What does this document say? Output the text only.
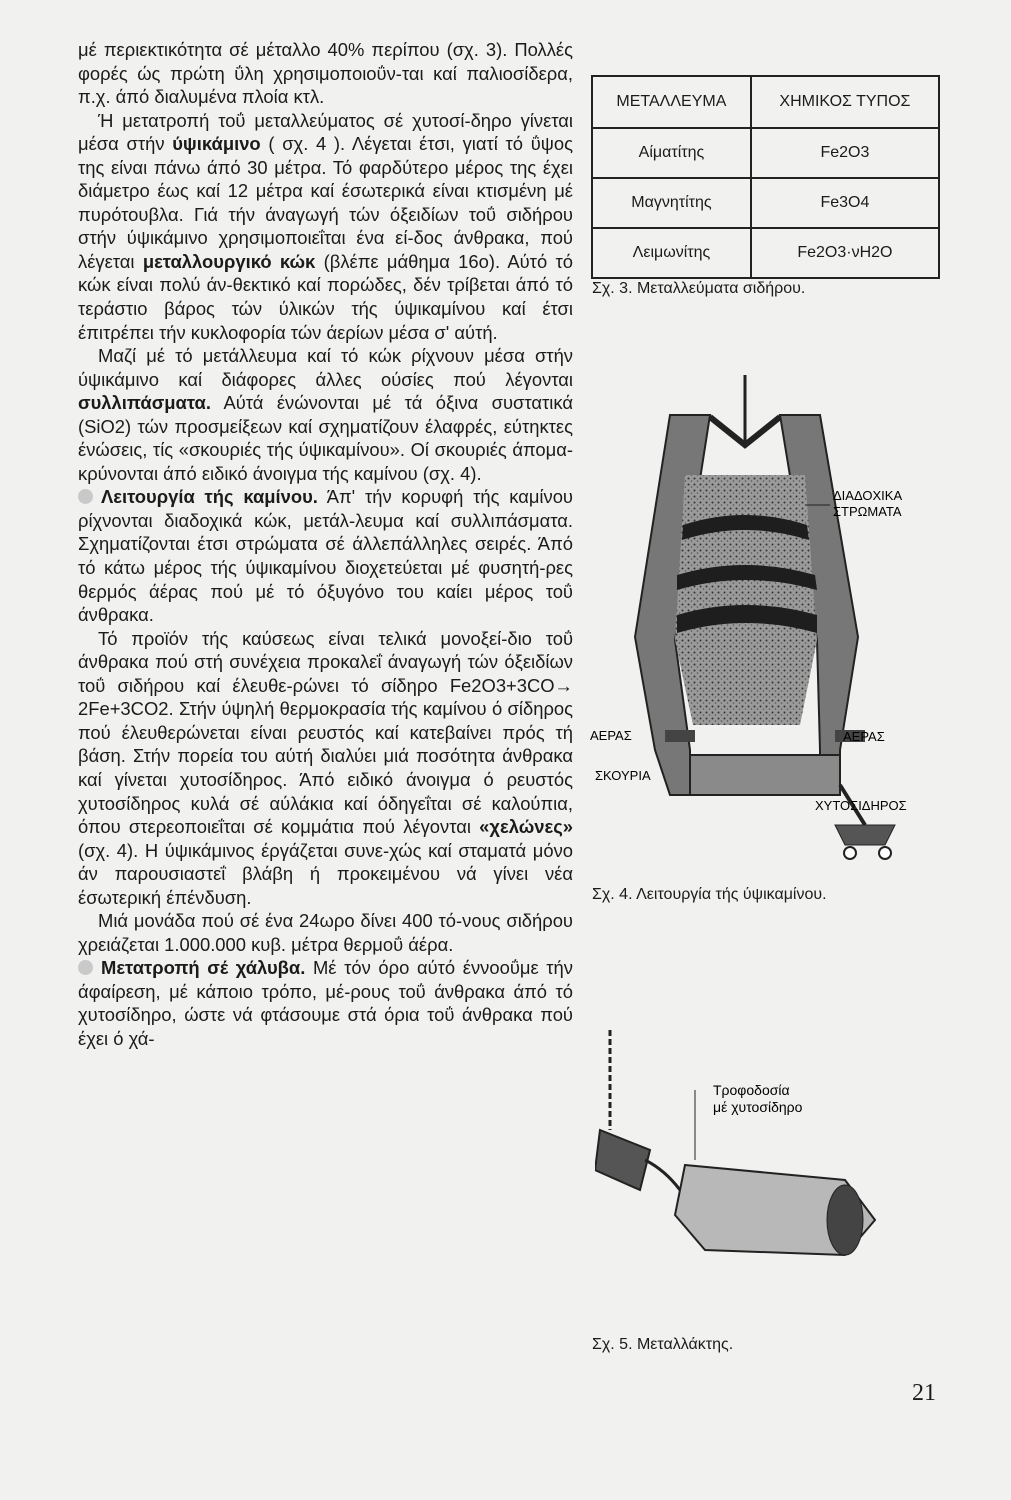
μέ περιεκτικότητα σέ μέταλλο 40% περίπου (σχ. 3). Πολλές φορές ώς πρώτη ΰλη χρησιμοποιοΰν-ται καί παλιοσίδερα, π.χ. άπό διαλυμένα πλοία κτλ.

Ή μετατροπή τοΰ μεταλλεύματος σέ χυτοσί-δηρο γίνεται μέσα στήν ύψικάμινο ( σχ. 4 ). Λέγεται έτσι, γιατί τό ΰψος της είναι πάνω άπό 30 μέτρα. Τό φαρδύτερο μέρος της έχει διάμετρο έως καί 12 μέτρα καί έσωτερικά είναι κτισμένη μέ πυρότουβλα. Γιά τήν άναγωγή τών όξειδίων τοΰ σιδήρου στήν ύψικάμινο χρησιμοποιεΐται ένα εί-δος άνθρακα, πού λέγεται μεταλλουργικό κώκ (βλέπε μάθημα 16ο). Αύτό τό κώκ είναι πολύ άν-θεκτικό καί πορώδες, δέν τρίβεται άπό τό τεράστιο βάρος τών ύλικών τής ύψικαμίνου καί έτσι έπιτρέπει τήν κυκλοφορία τών άερίων μέσα σ' αύτή.

Μαζί μέ τό μετάλλευμα καί τό κώκ ρίχνουν μέσα στήν ύψικάμινο καί διάφορες άλλες ούσίες πού λέγονται συλλιπάσματα. Αύτά ένώνονται μέ τά όξινα συστατικά (SiO2) τών προσμείξεων καί σχηματίζουν έλαφρές, εύτηκτες ένώσεις, τίς «σκουριές τής ύψικαμίνου». Οί σκουριές άπομα-κρύνονται άπό ειδικό άνοιγμα τής καμίνου (σχ. 4).

Λειτουργία τής καμίνου. Άπ' τήν κορυφή τής καμίνου ρίχνονται διαδοχικά κώκ, μετάλ-λευμα καί συλλιπάσματα. Σχηματίζονται έτσι στρώματα σέ άλλεπάλληλες σειρές. Άπό τό κάτω μέρος τής ύψικαμίνου διοχετεύεται μέ φυσητή-ρες θερμός άέρας πού μέ τό όξυγόνο του καίει μέρος τοΰ άνθρακα.

Τό προϊόν τής καύσεως είναι τελικά μονοξεί-διο τοΰ άνθρακα πού στή συνέχεια προκαλεΐ άναγωγή τών όξειδίων τοΰ σιδήρου καί έλευθε-ρώνει τό σίδηρο Fe2O3+3CO→ 2Fe+3CO2. Στήν ύψηλή θερμοκρασία τής καμίνου ό σίδηρος πού έλευθερώνεται είναι ρευστός καί κατεβαίνει πρός τή βάση. Στήν πορεία του αύτή διαλύει μιά ποσότητα άνθρακα καί γίνεται χυτοσίδηρος. Άπό ειδικό άνοιγμα ό ρευστός χυτοσίδηρος κυλά σέ αύλάκια καί όδηγεΐται σέ καλούπια, όπου στερεοποιεΐται σέ κομμάτια πού λέγονται «χελώνες» (σχ. 4). Η ύψικάμινος έργάζεται συνε-χώς καί σταματά μόνο άν παρουσιαστεΐ βλάβη ή προκειμένου νά γίνει νέα έσωτερική έπένδυση.

Μιά μονάδα πού σέ ένα 24ωρο δίνει 400 τό-νους σιδήρου χρειάζεται 1.000.000 κυβ. μέτρα θερμοΰ άέρα.

Μετατροπή σέ χάλυβα. Μέ τόν όρο αύτό έννοοΰμε τήν άφαίρεση, μέ κάποιο τρόπο, μέ-ρους τοΰ άνθρακα άπό τό χυτοσίδηρο, ώστε νά φτάσουμε στά όρια τοΰ άνθρακα πού έχει ό χά-

ΜΕΤΑΛΛΕΥΜΑ	ΧΗΜΙΚΟΣ ΤΥΠΟΣ
Αίματίτης	Fe2O3
Μαγνητίτης	Fe3O4
Λειμωνίτης	Fe2O3·νH2O
Σχ. 3. Μεταλλεύματα σιδήρου.
ΔΙΑΔΟΧΙΚΑ
ΣΤΡΩΜΑΤΑ
ΑΕΡΑΣ	ΑΕΡΑΣ
ΣΚΟΥΡΙΑ
ΧΥΤΟΣΙΔΗΡΟΣ
Σχ. 4. Λειτουργία τής ύψικαμίνου.
Τροφοδοσία
μέ χυτοσίδηρο
Σχ. 5. Μεταλλάκτης.
21
